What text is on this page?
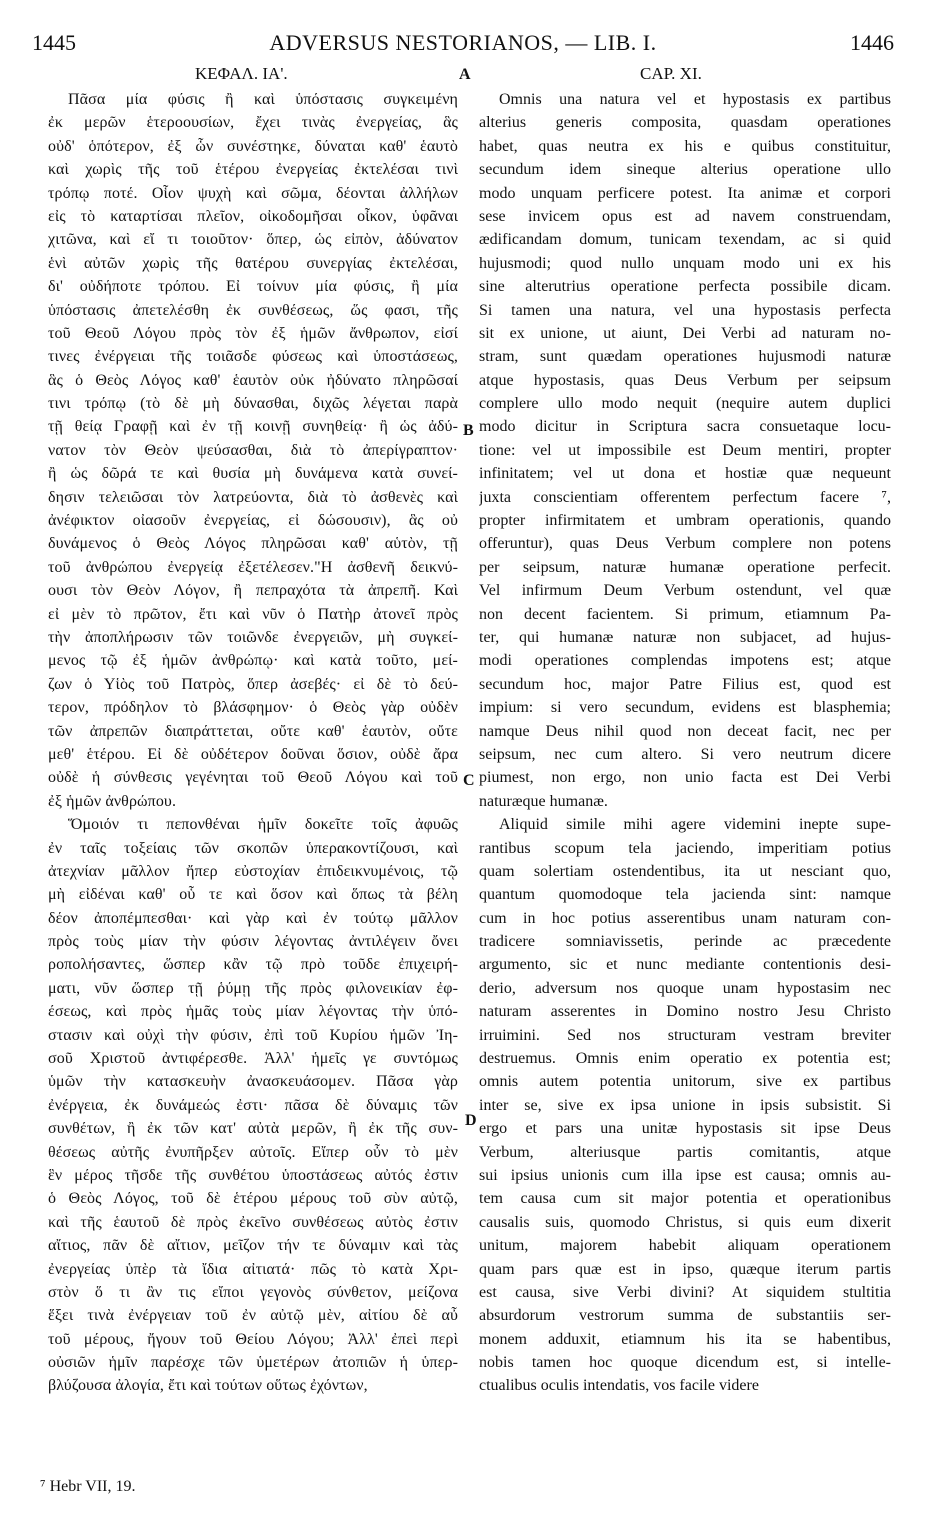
1445	ADVERSUS NESTORIANOS, — LIB. I.	1446
ΚΕΦΑΛ. ΙΑ'.	CAP. XI.
A
B
C
D
Πᾶσα μία φύσις ἢ καὶ ὑπόστασις συγκειμένη
ἐκ μερῶν ἑτεροουσίων, ἔχει τινὰς ἐνεργείας, ἃς
οὐδ' ὁπότερον, ἐξ ὧν συνέστηκε, δύναται καθ' ἑαυτὸ
καὶ χωρὶς τῆς τοῦ ἑτέρου ἐνεργείας ἐκτελέσαι τινὶ
τρόπῳ ποτέ. Οἷον ψυχὴ καὶ σῶμα, δέονται ἀλλήλων
εἰς τὸ καταρτίσαι πλεῖον, οἰκοδομῆσαι οἶκον, ὑφᾶναι
χιτῶνα, καὶ εἴ τι τοιοῦτον· ὅπερ, ὡς εἰπὸν, ἀδύνατον
ἑνὶ αὐτῶν χωρὶς τῆς θατέρου συνεργίας ἐκτελέσαι,
δι' οὐδήποτε τρόπου. Εἰ τοίνυν μία φύσις, ἢ μία
ὑπόστασις ἀπετελέσθη ἐκ συνθέσεως, ὥς φασι, τῆς
τοῦ Θεοῦ Λόγου πρὸς τὸν ἐξ ἡμῶν ἄνθρωπον, εἰσί
τινες ἐνέργειαι τῆς τοιᾶσδε φύσεως καὶ ὑποστάσεως,
ἃς ὁ Θεὸς Λόγος καθ' ἑαυτὸν οὐκ ἠδύνατο πληρῶσαί
τινι τρόπῳ (τὸ δὲ μὴ δύνασθαι, διχῶς λέγεται παρὰ
τῇ θείᾳ Γραφῇ καὶ ἐν τῇ κοινῇ συνηθείᾳ· ἢ ὡς ἀδύ-
νατον τὸν Θεὸν ψεύσασθαι, διὰ τὸ ἀπερίγραπτον·
ἢ ὡς δῶρά τε καὶ θυσία μὴ δυνάμενα κατὰ συνεί-
δησιν τελειῶσαι τὸν λατρεύοντα, διὰ τὸ ἀσθενὲς καὶ
ἀνέφικτον οἰασοῦν ἐνεργείας, εἰ δώσουσιν), ἃς οὐ
δυνάμενος ὁ Θεὸς Λόγος πληρῶσαι καθ' αὑτὸν, τῇ
τοῦ ἀνθρώπου ἐνεργείᾳ ἐξετέλεσεν."Η ἀσθενῆ δεικνύ-
ουσι τὸν Θεὸν Λόγον, ἢ πεπραχότα τὰ ἀπρεπῆ. Καὶ
εἰ μὲν τὸ πρῶτον, ἔτι καὶ νῦν ὁ Πατὴρ ἀτονεῖ πρὸς
τὴν ἀποπλήρωσιν τῶν τοιῶνδε ἐνεργειῶν, μὴ συγκεί-
μενος τῷ ἐξ ἡμῶν ἀνθρώπῳ· καὶ κατὰ τοῦτο, μεί-
ζων ὁ Υἱὸς τοῦ Πατρὸς, ὅπερ ἀσεβές· εἰ δὲ τὸ δεύ-
τερον, πρόδηλον τὸ βλάσφημον· ὁ Θεὸς γὰρ οὐδὲν
τῶν ἀπρεπῶν διαπράττεται, οὔτε καθ' ἑαυτὸν, οὔτε
μεθ' ἑτέρου. Εἰ δὲ οὐδέτερον δοῦναι ὅσιον, οὐδὲ ἄρα
οὐδὲ ἡ σύνθεσις γεγένηται τοῦ Θεοῦ Λόγου καὶ τοῦ
ἐξ ἡμῶν ἀνθρώπου.
Ὅμοιόν τι πεπονθέναι ἡμῖν δοκεῖτε τοῖς ἀφυῶς
ἐν ταῖς τοξείαις τῶν σκοπῶν ὑπερακοντίζουσι, καὶ
ἀτεχνίαν μᾶλλον ἤπερ εὐστοχίαν ἐπιδεικνυμένοις, τῷ
μὴ εἰδέναι καθ' οὗ τε καὶ ὅσον καὶ ὅπως τὰ βέλη
δέον ἀποπέμπεσθαι· καὶ γὰρ καὶ ἐν τούτῳ μᾶλλον
πρὸς τοὺς μίαν τὴν φύσιν λέγοντας ἀντιλέγειν ὄνει
ροπολήσαντες, ὥσπερ κἂν τῷ πρὸ τοῦδε ἐπιχειρή-
ματι, νῦν ὥσπερ τῇ ῥύμῃ τῆς πρὸς φιλονεικίαν ἐφ-
έσεως, καὶ πρὸς ἡμᾶς τοὺς μίαν λέγοντας τὴν ὑπό-
στασιν καὶ οὐχὶ τὴν φύσιν, ἐπὶ τοῦ Κυρίου ἡμῶν Ἰη-
σοῦ Χριστοῦ ἀντιφέρεσθε. Ἀλλ' ἡμεῖς γε συντόμως
ὑμῶν τὴν κατασκευὴν ἀνασκευάσομεν. Πᾶσα γὰρ
ἐνέργεια, ἐκ δυνάμεώς ἐστι· πᾶσα δὲ δύναμις τῶν
συνθέτων, ἢ ἐκ τῶν κατ' αὐτὰ μερῶν, ἢ ἐκ τῆς συν-
θέσεως αὐτῆς ἐνυπῆρξεν αὐτοῖς. Εἴπερ οὖν τὸ μὲν
ἓν μέρος τῆσδε τῆς συνθέτου ὑποστάσεως αὐτός ἐστιν
ὁ Θεὸς Λόγος, τοῦ δὲ ἑτέρου μέρους τοῦ σὺν αὐτῷ,
καὶ τῆς ἑαυτοῦ δὲ πρὸς ἐκεῖνο συνθέσεως αὐτὸς ἐστιν
αἴτιος, πᾶν δὲ αἴτιον, μεῖζον τήν τε δύναμιν καὶ τὰς
ἐνεργείας ὑπὲρ τὰ ἴδια αἰτιατά· πῶς τὸ κατὰ Χρι-
στὸν ὅ τι ἂν τις εἴποι γεγονὸς σύνθετον, μείζονα
ἕξει τινὰ ἐνέργειαν τοῦ ἐν αὐτῷ μὲν, αἰτίου δὲ αὖ
τοῦ μέρους, ἤγουν τοῦ Θείου Λόγου; Ἀλλ' ἐπεὶ περὶ
οὐσιῶν ἡμῖν παρέσχε τῶν ὑμετέρων ἀτοπιῶν ἡ ὑπερ-
βλύζουσα ἀλογία, ἔτι καὶ τούτων οὕτως ἐχόντων,
Omnis una natura vel et hypostasis ex partibus
alterius generis composita, quasdam operationes
habet, quas neutra ex his e quibus constituitur,
secundum idem sineque alterius operatione ullo
modo unquam perficere potest. Ita animæ et corpori
sese invicem opus est ad navem construendam,
ædificandam domum, tunicam texendam, ac si quid
hujusmodi; quod nullo unquam modo uni ex his
sine alterutrius operatione perfecta possibile dicam.
Si tamen una natura, vel una hypostasis perfecta
sit ex unione, ut aiunt, Dei Verbi ad naturam no-
stram, sunt quædam operationes hujusmodi naturæ
atque hypostasis, quas Deus Verbum per seipsum
complere ullo modo nequit (nequire autem duplici
modo dicitur in Scriptura sacra consuetaque locu-
tione: vel ut impossibile est Deum mentiri, propter
infinitatem; vel ut dona et hostiæ quæ nequeunt
juxta conscientiam offerentem perfectum facere ⁷,
propter infirmitatem et umbram operationis, quando
offeruntur), quas Deus Verbum complere non potens
per seipsum, naturæ humanæ operatione perfecit.
Vel infirmum Deum Verbum ostendunt, vel quæ
non decent facientem. Si primum, etiamnum Pa-
ter, qui humanæ naturæ non subjacet, ad hujus-
modi operationes complendas impotens est; atque
secundum hoc, major Patre Filius est, quod est
impium: si vero secundum, evidens est blasphemia;
namque Deus nihil quod non deceat facit, nec per
seipsum, nec cum altero. Si vero neutrum dicere
piumest, non ergo, non unio facta est Dei Verbi
naturæque humanæ.
Aliquid simile mihi agere videmini inepte supe-
rantibus scopum tela jaciendo, imperitiam potius
quam solertiam ostendentibus, ita ut nesciant quo,
quantum quomodoque tela jacienda sint: namque
cum in hoc potius asserentibus unam naturam con-
tradicere somniavissetis, perinde ac præcedente
argumento, sic et nunc mediante contentionis desi-
derio, adversum nos quoque unam hypostasim nec
naturam asserentes in Domino nostro Jesu Christo
irruimini. Sed nos structuram vestram breviter
destruemus. Omnis enim operatio ex potentia est;
omnis autem potentia unitorum, sive ex partibus
inter se, sive ex ipsa unione in ipsis subsistit. Si
ergo et pars una unitæ hypostasis sit ipse Deus
Verbum, alteriusque partis comitantis, atque
sui ipsius unionis cum illa ipse est causa; omnis au-
tem causa cum sit major potentia et operationibus
causalis suis, quomodo Christus, si quis eum dixerit
unitum, majorem habebit aliquam operationem
quam pars quæ est in ipso, quæque iterum partis
est causa, sive Verbi divini? At siquidem stultitia
absurdorum vestrorum summa de substantiis ser-
monem adduxit, etiamnum his ita se habentibus,
nobis tamen hoc quoque dicendum est, si intelle-
ctualibus oculis intendatis, vos facile videre
⁷ Hebr VII, 19.
